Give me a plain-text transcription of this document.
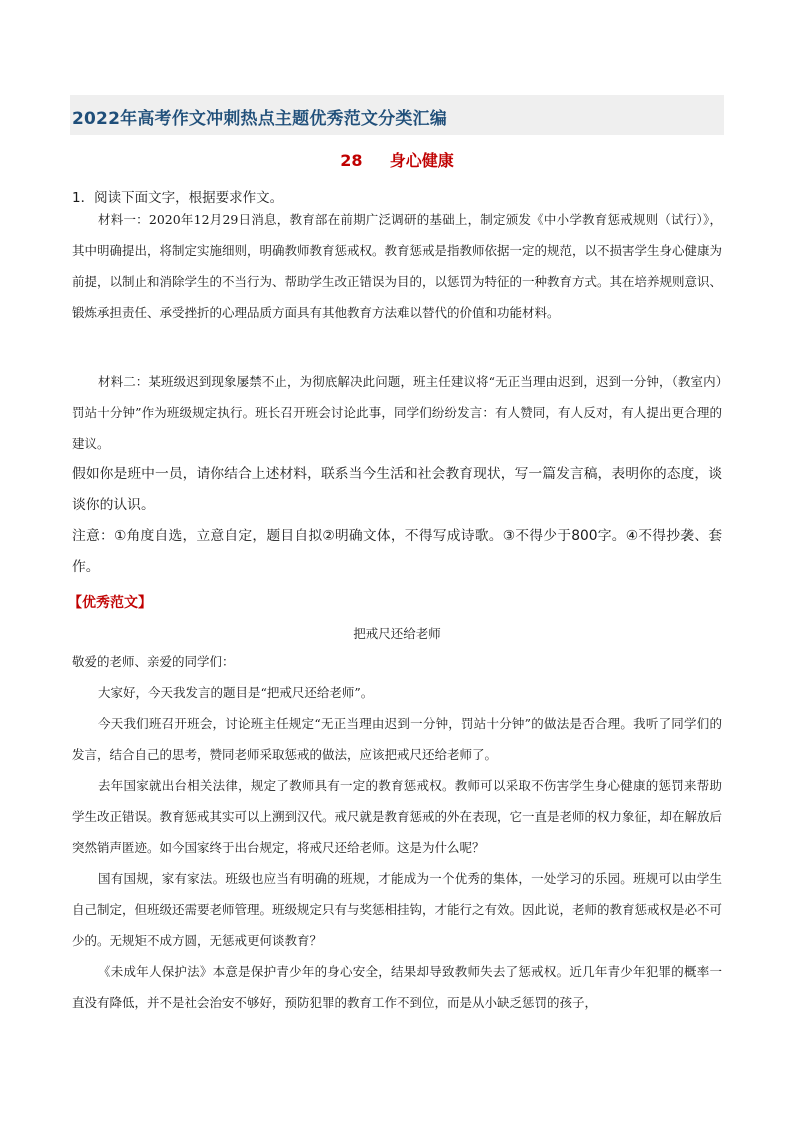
2022年高考作文冲刺热点主题优秀范文分类汇编
28 身心健康
1．阅读下面文字，根据要求作文。

材料一：2020年12月29日消息，教育部在前期广泛调研的基础上，制定颁发《中小学教育惩戒规则（试行）》，其中明确提出，将制定实施细则，明确教师教育惩戒权。教育惩戒是指教师依据一定的规范，以不损害学生身心健康为前提，以制止和消除学生的不当行为、帮助学生改正错误为目的，以惩罚为特征的一种教育方式。其在培养规则意识、锻炼承担责任、承受挫折的心理品质方面具有其他教育方法难以替代的价值和功能材料。

材料二：某班级迟到现象屡禁不止，为彻底解决此问题，班主任建议将“无正当理由迟到，迟到一分钟，（教室内）罚站十分钟”作为班级规定执行。班长召开班会讨论此事，同学们纷纷发言：有人赞同，有人反对，有人提出更合理的建议。

假如你是班中一员，请你结合上述材料，联系当今生活和社会教育现状，写一篇发言稿，表明你的态度，谈谈你的认识。

注意：①角度自选，立意自定，题目自拟②明确文体，不得写成诗歌。③不得少于800字。④不得抄袭、套作。

【优秀范文】
把戒尺还给老师

敬爱的老师、亲爱的同学们：

大家好，今天我发言的题目是“把戒尺还给老师”。

今天我们班召开班会，讨论班主任规定“无正当理由迟到一分钟，罚站十分钟”的做法是否合理。我听了同学们的发言，结合自己的思考，赞同老师采取惩戒的做法，应该把戒尺还给老师了。

去年国家就出台相关法律，规定了教师具有一定的教育惩戒权。教师可以采取不伤害学生身心健康的惩罚来帮助学生改正错误。教育惩戒其实可以上溯到汉代。戒尺就是教育惩戒的外在表现，它一直是老师的权力象征，却在解放后突然销声匿迹。如今国家终于出台规定，将戒尺还给老师。这是为什么呢？

国有国规，家有家法。班级也应当有明确的班规，才能成为一个优秀的集体，一处学习的乐园。班规可以由学生自己制定，但班级还需要老师管理。班级规定只有与奖惩相挂钩，才能行之有效。因此说，老师的教育惩戒权是必不可少的。无规矩不成方圆，无惩戒更何谈教育？

《未成年人保护法》本意是保护青少年的身心安全，结果却导致教师失去了惩戒权。近几年青少年犯罪的概率一直没有降低，并不是社会治安不够好，预防犯罪的教育工作不到位，而是从小缺乏惩罚的孩子，
